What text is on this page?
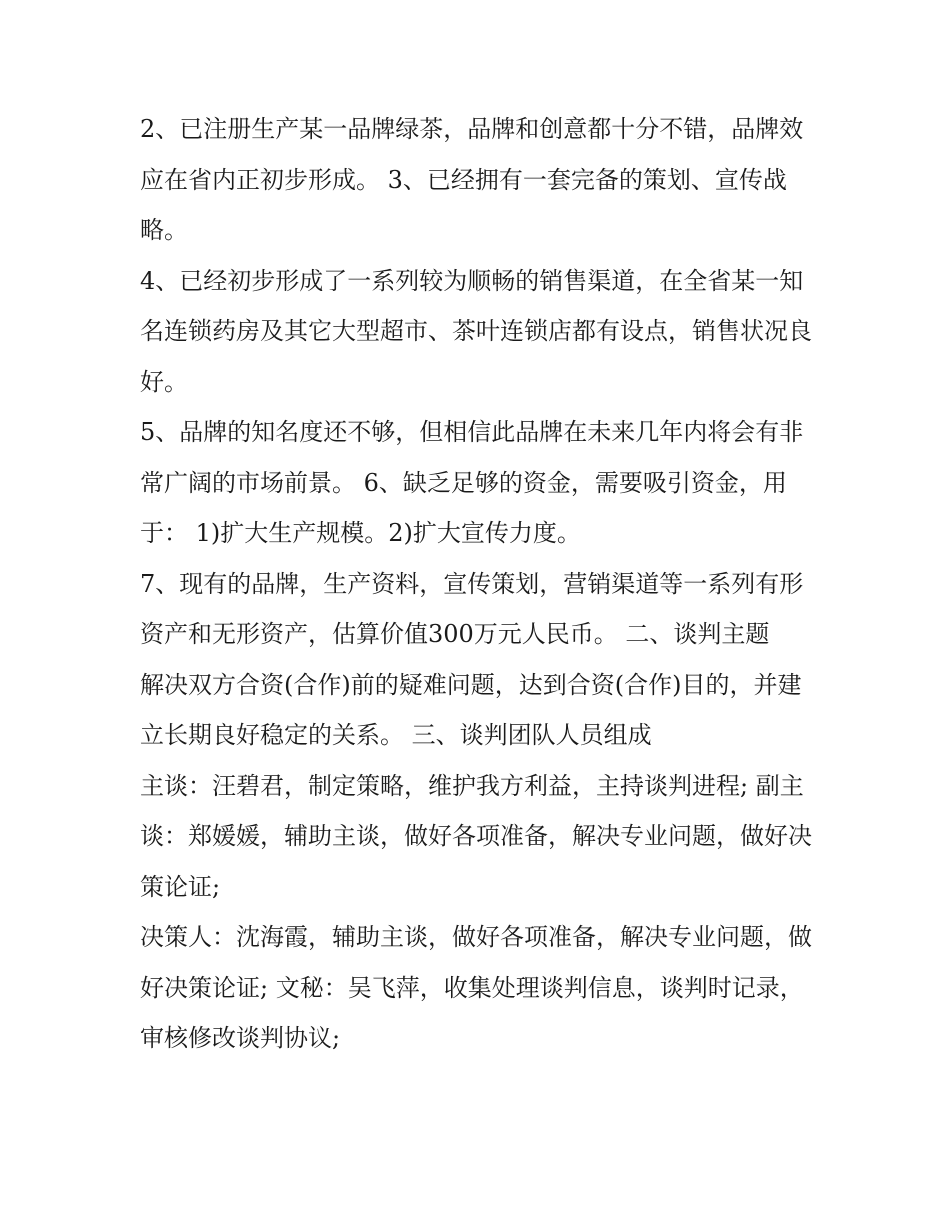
2、已注册生产某一品牌绿茶，品牌和创意都十分不错，品牌效应在省内正初步形成。 3、已经拥有一套完备的策划、宣传战略。

4、已经初步形成了一系列较为顺畅的销售渠道，在全省某一知名连锁药房及其它大型超市、茶叶连锁店都有设点，销售状况良好。

5、品牌的知名度还不够，但相信此品牌在未来几年内将会有非常广阔的市场前景。 6、缺乏足够的资金，需要吸引资金，用于： 1)扩大生产规模。2)扩大宣传力度。

7、现有的品牌，生产资料，宣传策划，营销渠道等一系列有形资产和无形资产，估算价值300万元人民币。 二、谈判主题

解决双方合资(合作)前的疑难问题，达到合资(合作)目的，并建立长期良好稳定的关系。 三、谈判团队人员组成

主谈：汪碧君，制定策略，维护我方利益，主持谈判进程; 副主谈：郑媛媛，辅助主谈，做好各项准备，解决专业问题，做好决策论证;

决策人：沈海霞，辅助主谈，做好各项准备，解决专业问题，做好决策论证; 文秘：吴飞萍，收集处理谈判信息，谈判时记录，审核修改谈判协议;
